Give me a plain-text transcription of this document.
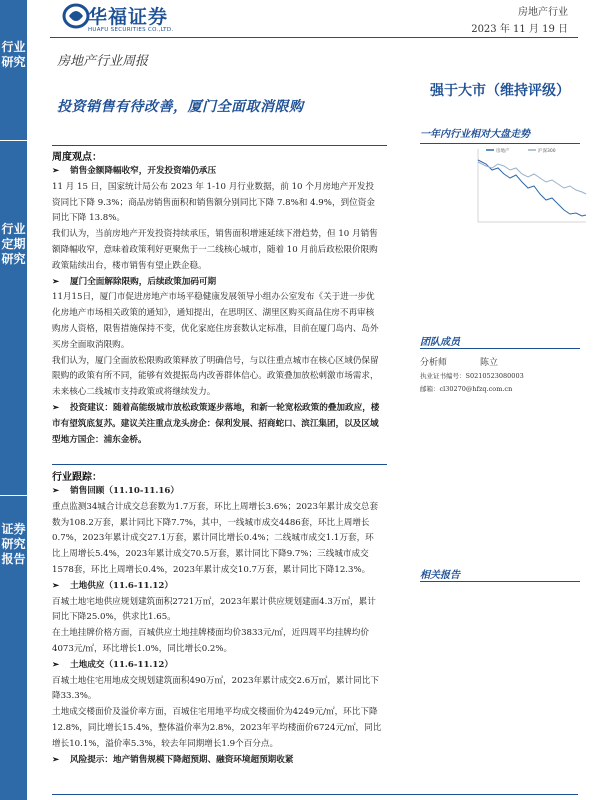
行业研究
行业定期研究
证券研究报告
华福证券
HUAFU SECURITIES CO.,LTD.
房地产行业
2023 年 11 月 19 日
房地产行业周报
投资销售有待改善，厦门全面取消限购
强于大市（维持评级）
一年内行业相对大盘走势
房地产	沪深300
团队成员
分析师	陈立
执业证书编号：S0210523080003
邮箱：cl30270@hfzq.com.cn
相关报告
周度观点：
➢ 销售金额降幅收窄，开发投资端仍承压
11 月 15 日，国家统计局公布 2023 年 1-10 月行业数据，前 10 个月房地产开发投资同比下降 9.3%；商品房销售面积和销售额分别同比下降 7.8%和 4.9%，到位资金同比下降 13.8%。
我们认为，当前房地产开发投资持续承压，销售面积增速延续下滑趋势，但 10 月销售额降幅收窄，意味着政策利好更聚焦于一二线核心城市，随着 10 月前后政松限价限购政策陆续出台，楼市销售有望止跌企稳。
➢ 厦门全面解除限购，后续政策加码可期
11月15日，厦门市促进房地产市场平稳健康发展领导小组办公室发布《关于进一步优化房地产市场相关政策的通知》，通知提出，在思明区、湖里区购买商品住房不再审核购房人资格，限售措施保持不变，优化家庭住房套数认定标准，目前在厦门岛内、岛外买房全面取消限购。
我们认为，厦门全面放松限购政策释放了明确信号，与以往重点城市在核心区域仍保留限购的政策有所不同，能够有效提振岛内改善群体信心。政策叠加放松刺激市场需求，未来核心二线城市支持政策或将继续发力。
➢ 投资建议：随着高能级城市放松政策逐步落地，和新一轮宽松政策的叠加政应，楼市有望筑底复苏。建议关注重点龙头房企：保利发展、招商蛇口、滨江集团，以及区域型地方国企：浦东金桥。
行业跟踪：
➢ 销售回顾（11.10-11.16）
重点监测34城合计成交总套数为1.7万套，环比上周增长3.6%；2023年累计成交总套数为108.2万套，累计同比下降7.7%，其中，一线城市成交4486套，环比上周增长0.7%，2023年累计成交27.1万套，累计同比增长0.4%；二线城市成交1.1万套，环比上周增长5.4%，2023年累计成交70.5万套，累计同比下降9.7%；三线城市成交1578套，环比上周增长0.4%，2023年累计成交10.7万套，累计同比下降12.3%。
➢ 土地供应（11.6-11.12）
百城土地宅地供应规划建筑面积2721万㎡，2023年累计供应规划建面4.3万㎡，累计同比下降25.0%，供求比1.65。
在土地挂牌价格方面，百城供应土地挂牌楼面均价3833元/㎡，近四周平均挂牌均价4073元/㎡，环比增长1.0%，同比增长0.2%。
➢ 土地成交（11.6-11.12）
百城土地住宅用地成交规划建筑面积490万㎡，2023年累计成交2.6万㎡，累计同比下降33.3%。
土地成交楼面价及溢价率方面，百城住宅用地平均成交楼面价为4249元/㎡，环比下降12.8%，同比增长15.4%，整体溢价率为2.8%，2023年平均楼面价6724元/㎡，同比增长10.1%，溢价率5.3%，较去年同期增长1.9个百分点。
➢ 风险提示：地产销售规模下降超预期、融资环境超预期收紧
